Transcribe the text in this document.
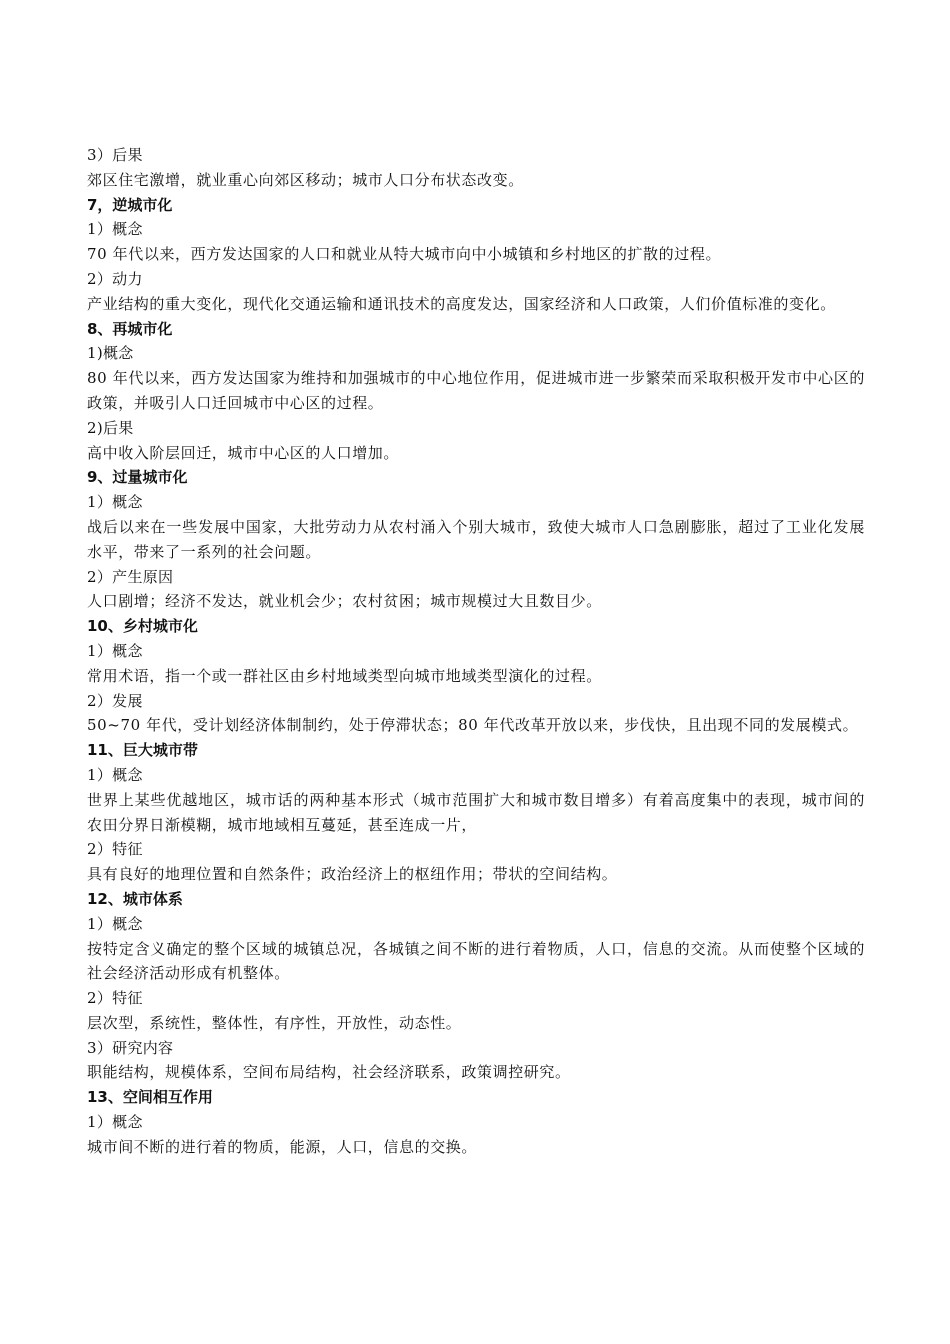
3）后果
郊区住宅激增，就业重心向郊区移动；城市人口分布状态改变。
7，逆城市化
1）概念
70 年代以来，西方发达国家的人口和就业从特大城市向中小城镇和乡村地区的扩散的过程。
2）动力
产业结构的重大变化，现代化交通运输和通讯技术的高度发达，国家经济和人口政策，人们价值标准的变化。
8、再城市化
1)概念
80 年代以来，西方发达国家为维持和加强城市的中心地位作用，促进城市进一步繁荣而采取积极开发市中心区的政策，并吸引人口迁回城市中心区的过程。
2)后果
高中收入阶层回迁，城市中心区的人口增加。
9、过量城市化
1）概念
战后以来在一些发展中国家，大批劳动力从农村涌入个别大城市，致使大城市人口急剧膨胀，超过了工业化发展水平，带来了一系列的社会问题。
2）产生原因
人口剧增；经济不发达，就业机会少；农村贫困；城市规模过大且数目少。
10、乡村城市化
1）概念
常用术语，指一个或一群社区由乡村地域类型向城市地域类型演化的过程。
2）发展
50~70 年代，受计划经济体制制约，处于停滞状态；80 年代改革开放以来，步伐快，且出现不同的发展模式。
11、巨大城市带
1）概念
世界上某些优越地区，城市话的两种基本形式（城市范围扩大和城市数目增多）有着高度集中的表现，城市间的农田分界日渐模糊，城市地域相互蔓延，甚至连成一片，
2）特征
具有良好的地理位置和自然条件；政治经济上的枢纽作用；带状的空间结构。
12、城市体系
1）概念
按特定含义确定的整个区域的城镇总况，各城镇之间不断的进行着物质，人口，信息的交流。从而使整个区域的社会经济活动形成有机整体。
2）特征
层次型，系统性，整体性，有序性，开放性，动态性。
3）研究内容
职能结构，规模体系，空间布局结构，社会经济联系，政策调控研究。
13、空间相互作用
1）概念
城市间不断的进行着的物质，能源，人口，信息的交换。
